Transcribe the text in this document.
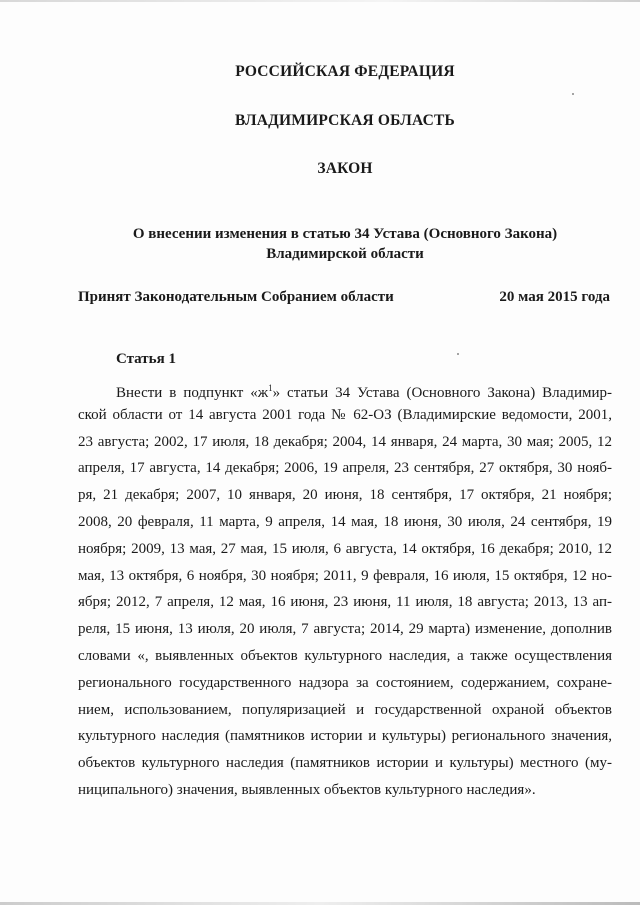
РОССИЙСКАЯ ФЕДЕРАЦИЯ
ВЛАДИМИРСКАЯ ОБЛАСТЬ
ЗАКОН
О внесении изменения в статью 34 Устава (Основного Закона)
Владимирской области
Принят Законодательным Собранием области	20 мая 2015 года
Статья 1
Внести в подпункт «$ж^1$» статьи 34 Устава (Основного Закона) Владимир-
ской области от 14 августа 2001 года № 62-ОЗ (Владимирские ведомости, 2001,
23 августа; 2002, 17 июля, 18 декабря; 2004, 14 января, 24 марта, 30 мая; 2005, 12
апреля, 17 августа, 14 декабря; 2006, 19 апреля, 23 сентября, 27 октября, 30 нояб-
ря, 21 декабря; 2007, 10 января, 20 июня, 18 сентября, 17 октября, 21 ноября;
2008, 20 февраля, 11 марта, 9 апреля, 14 мая, 18 июня, 30 июля, 24 сентября, 19
ноября; 2009, 13 мая, 27 мая, 15 июля, 6 августа, 14 октября, 16 декабря; 2010, 12
мая, 13 октября, 6 ноября, 30 ноября; 2011, 9 февраля, 16 июля, 15 октября, 12 но-
ября; 2012, 7 апреля, 12 мая, 16 июня, 23 июня, 11 июля, 18 августа; 2013, 13 ап-
реля, 15 июня, 13 июля, 20 июля, 7 августа; 2014, 29 марта) изменение, дополнив
словами «, выявленных объектов культурного наследия, а также осуществления
регионального государственного надзора за состоянием, содержанием, сохране-
нием, использованием, популяризацией и государственной охраной объектов
культурного наследия (памятников истории и культуры) регионального значения,
объектов культурного наследия (памятников истории и культуры) местного (му-
ниципального) значения, выявленных объектов культурного наследия».
